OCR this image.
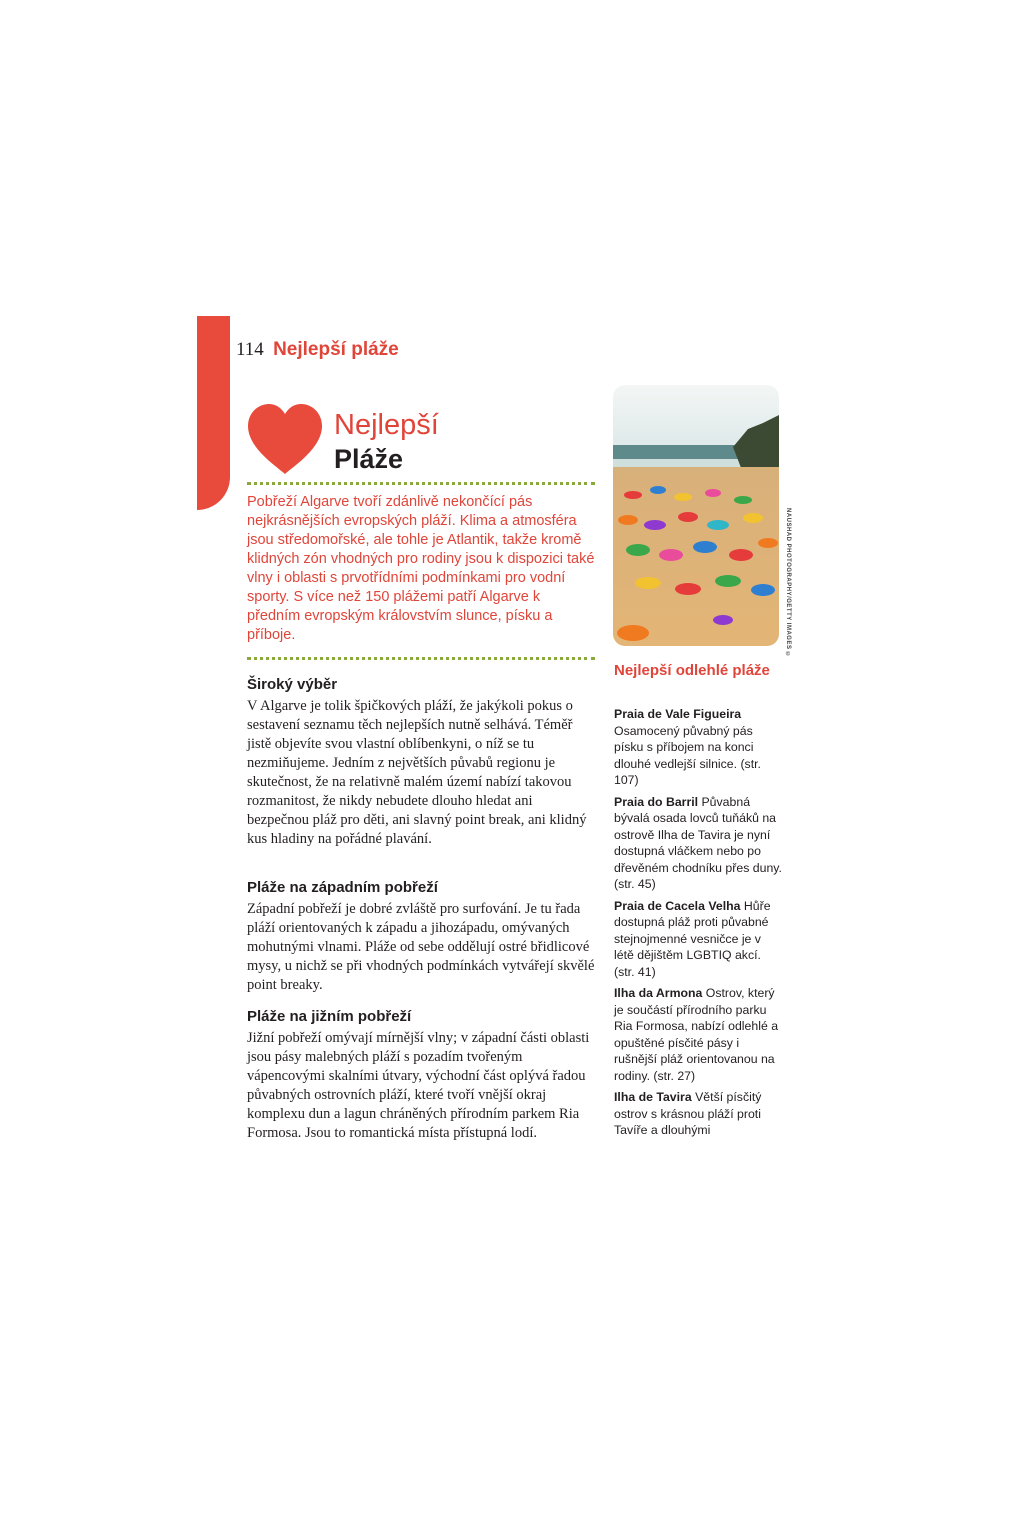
114 Nejlepší pláže
Nejlepší
Pláže
Pobřeží Algarve tvoří zdánlivě nekončící pás nejkrásnějších evropských pláží. Klima a atmosféra jsou středomořské, ale tohle je Atlantik, takže kromě klidných zón vhodných pro rodiny jsou k dispozici také vlny i oblasti s prvotřídními podmínkami pro vodní sporty. S více než 150 plážemi patří Algarve k předním evropským královstvím slunce, písku a příboje.
Široký výběr

V Algarve je tolik špičkových pláží, že jakýkoli pokus o sestavení seznamu těch nejlepších nutně selhává. Téměř jistě objevíte svou vlastní oblíbenkyni, o níž se tu nezmiňujeme. Jedním z největších půvabů regionu je skutečnost, že na relativně malém území nabízí takovou rozmanitost, že nikdy nebudete dlouho hledat ani bezpečnou pláž pro děti, ani slavný point break, ani klidný kus hladiny na pořádné plavání.

Pláže na západním pobřeží

Západní pobřeží je dobré zvláště pro surfování. Je tu řada pláží orientovaných k západu a jihozápadu, omývaných mohutnými vlnami. Pláže od sebe oddělují ostré břidlicové mysy, u nichž se při vhodných podmínkách vytvářejí skvělé point breaky.

Pláže na jižním pobřeží

Jižní pobřeží omývají mírnější vlny; v západní části oblasti jsou pásy malebných pláží s pozadím tvořeným vápencovými skalními útvary, východní část oplývá řadou půvabných ostrovních pláží, které tvoří vnější okraj komplexu dun a lagun chráněných přírodním parkem Ria Formosa. Jsou to romantická místa přístupná lodí.

NAUSHAD PHOTOGRAPHY/GETTY IMAGES ©
Nejlepší odlehlé pláže
Praia de Vale Figueira Osamocený půvabný pás písku s příbojem na konci dlouhé vedlejší silnice. (str. 107)
Praia do Barril Půvabná bývalá osada lovců tuňáků na ostrově Ilha de Tavira je nyní dostupná vláčkem nebo po dřevěném chodníku přes duny. (str. 45)
Praia de Cacela Velha Hůře dostupná pláž proti půvabné stejnojmenné vesničce je v létě dějištěm LGBTIQ akcí. (str. 41)
Ilha da Armona Ostrov, který je součástí přírodního parku Ria Formosa, nabízí odlehlé a opuštěné písčité pásy i rušnější pláž orientovanou na rodiny. (str. 27)
Ilha de Tavira Větší písčitý ostrov s krásnou pláží proti Tavíře a dlouhými
